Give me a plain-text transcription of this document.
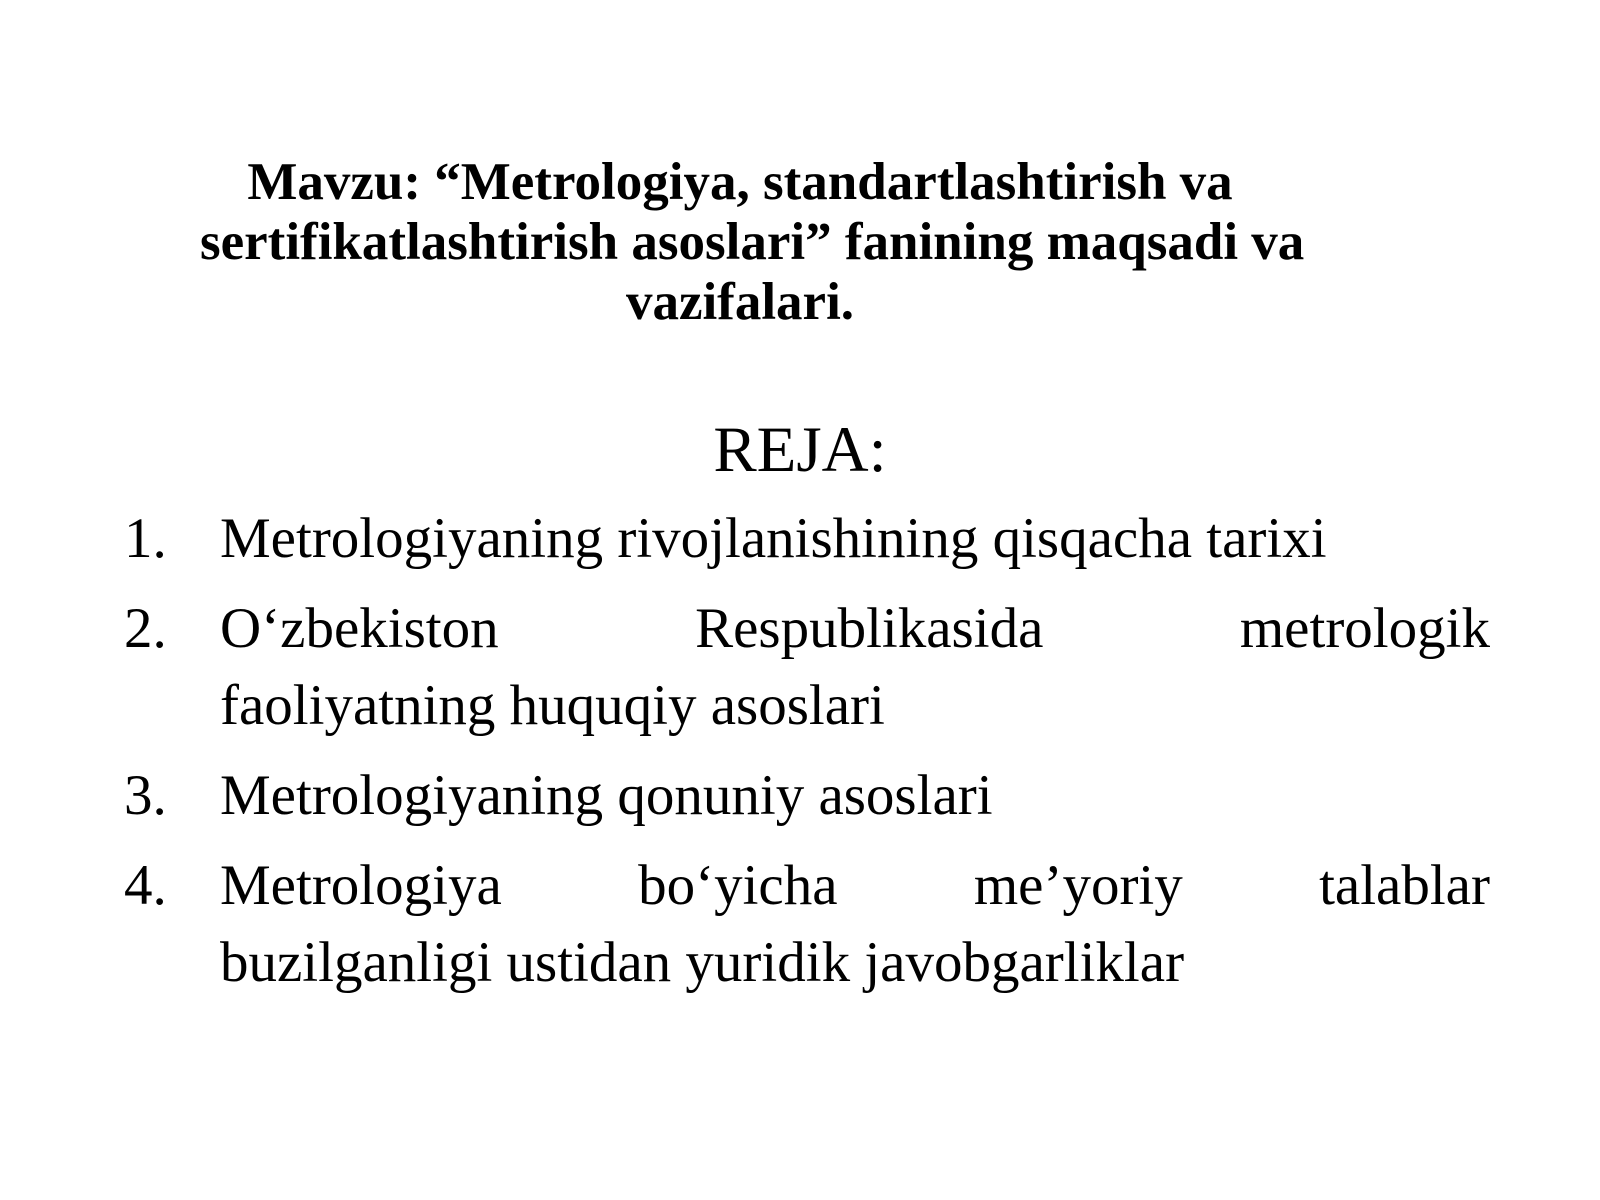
Mavzu: “Metrologiya, standartlashtirish va
sertifikatlashtirish asoslari” fanining maqsadi va
vazifalari.
REJA:
1. Metrologiyaning rivojlanishining qisqacha tarixi
2. O‘zbekiston	Respublikasida	metrologik
faoliyatning huquqiy asoslari
3. Metrologiyaning qonuniy asoslari
4. Metrologiya bo‘yicha me’yoriy talablar
buzilganligi ustidan yuridik javobgarliklar
